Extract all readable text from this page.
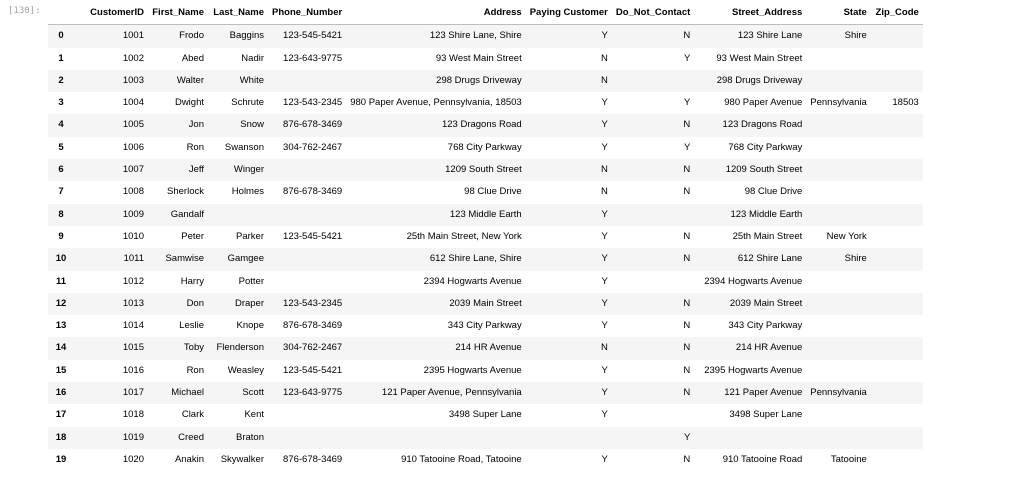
[130]:
		CustomerID	First_Name	Last_Name	Phone_Number	Address	Paying Customer	Do_Not_Contact	Street_Address	State	Zip_Code
0	1001	Frodo	Baggins	123-545-5421	123 Shire Lane, Shire	Y	N	123 Shire Lane	Shire	
1	1002	Abed	Nadir	123-643-9775	93 West Main Street	N	Y	93 West Main Street		
2	1003	Walter	White		298 Drugs Driveway	N		298 Drugs Driveway		
3	1004	Dwight	Schrute	123-543-2345	980 Paper Avenue, Pennsylvania, 18503	Y	Y	980 Paper Avenue	Pennsylvania	18503
4	1005	Jon	Snow	876-678-3469	123 Dragons Road	Y	N	123 Dragons Road		
5	1006	Ron	Swanson	304-762-2467	768 City Parkway	Y	Y	768 City Parkway		
6	1007	Jeff	Winger		1209 South Street	N	N	1209 South Street		
7	1008	Sherlock	Holmes	876-678-3469	98 Clue Drive	N	N	98 Clue Drive		
8	1009	Gandalf			123 Middle Earth	Y		123 Middle Earth		
9	1010	Peter	Parker	123-545-5421	25th Main Street, New York	Y	N	25th Main Street	New York	
10	1011	Samwise	Gamgee		612 Shire Lane, Shire	Y	N	612 Shire Lane	Shire	
11	1012	Harry	Potter		2394 Hogwarts Avenue	Y		2394 Hogwarts Avenue		
12	1013	Don	Draper	123-543-2345	2039 Main Street	Y	N	2039 Main Street		
13	1014	Leslie	Knope	876-678-3469	343 City Parkway	Y	N	343 City Parkway		
14	1015	Toby	Flenderson	304-762-2467	214 HR Avenue	N	N	214 HR Avenue		
15	1016	Ron	Weasley	123-545-5421	2395 Hogwarts Avenue	Y	N	2395 Hogwarts Avenue		
16	1017	Michael	Scott	123-643-9775	121 Paper Avenue, Pennsylvania	Y	N	121 Paper Avenue	Pennsylvania	
17	1018	Clark	Kent		3498 Super Lane	Y		3498 Super Lane		
18	1019	Creed	Braton				Y			
19	1020	Anakin	Skywalker	876-678-3469	910 Tatooine Road, Tatooine	Y	N	910 Tatooine Road	Tatooine	
